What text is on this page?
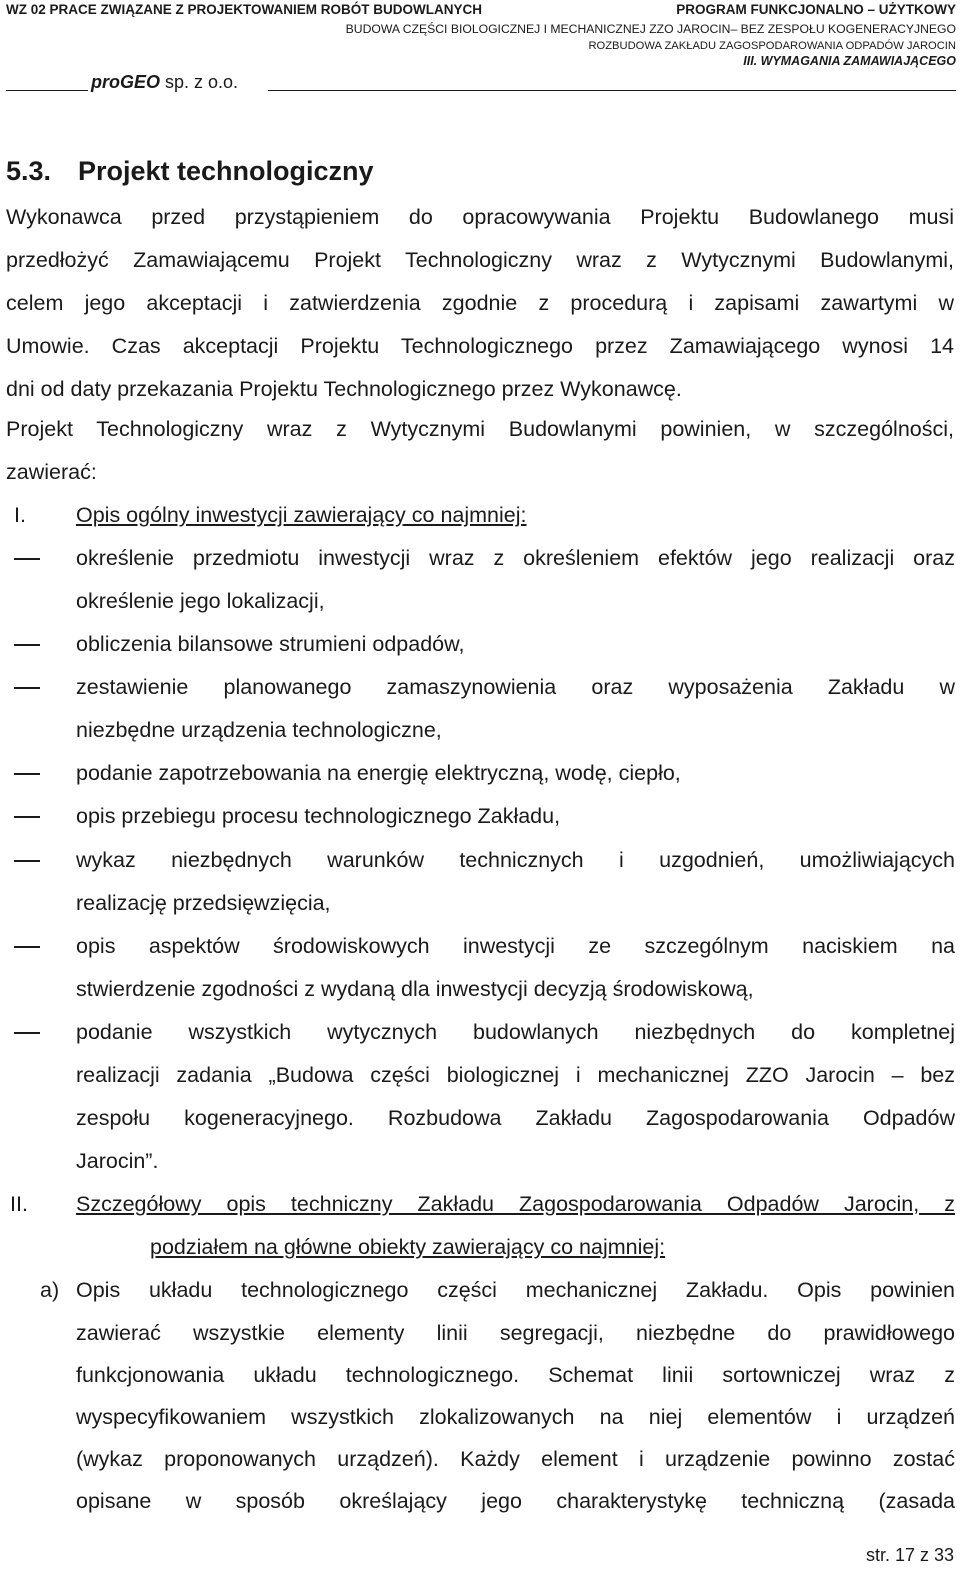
WZ 02 PRACE ZWIĄZANE Z PROJEKTOWANIEM ROBÓT BUDOWLANYCH	PROGRAM FUNKCJONALNO – UŻYTKOWY
BUDOWA CZĘŚCI BIOLOGICZNEJ I MECHANICZNEJ ZZO JAROCIN– BEZ ZESPOŁU KOGENERACYJNEGO
ROZBUDOWA ZAKŁADU ZAGOSPODAROWANIA ODPADÓW JAROCIN
III. WYMAGANIA ZAMAWIAJĄCEGO
proGEO sp. z o.o.
5.3. Projekt technologiczny
Wykonawca przed przystąpieniem do opracowywania Projektu Budowlanego musi
przedłożyć Zamawiającemu Projekt Technologiczny wraz z Wytycznymi Budowlanymi,
celem jego akceptacji i zatwierdzenia zgodnie z procedurą i zapisami zawartymi w
Umowie. Czas akceptacji Projektu Technologicznego przez Zamawiającego wynosi 14
dni od daty przekazania Projektu Technologicznego przez Wykonawcę.
Projekt Technologiczny wraz z Wytycznymi Budowlanymi powinien, w szczególności,
zawierać:
I. Opis ogólny inwestycji zawierający co najmniej:
określenie przedmiotu inwestycji wraz z określeniem efektów jego realizacji oraz
określenie jego lokalizacji,
obliczenia bilansowe strumieni odpadów,
zestawienie planowanego zamaszynowienia oraz wyposażenia Zakładu w
niezbędne urządzenia technologiczne,
podanie zapotrzebowania na energię elektryczną, wodę, ciepło,
opis przebiegu procesu technologicznego Zakładu,
wykaz niezbędnych warunków technicznych i uzgodnień, umożliwiających
realizację przedsięwzięcia,
opis aspektów środowiskowych inwestycji ze szczególnym naciskiem na
stwierdzenie zgodności z wydaną dla inwestycji decyzją środowiskową,
podanie wszystkich wytycznych budowlanych niezbędnych do kompletnej
realizacji zadania „Budowa części biologicznej i mechanicznej ZZO Jarocin – bez
zespołu kogeneracyjnego. Rozbudowa Zakładu Zagospodarowania Odpadów
Jarocin”.
II. Szczegółowy opis techniczny Zakładu Zagospodarowania Odpadów Jarocin, z
podziałem na główne obiekty zawierający co najmniej:
a) Opis układu technologicznego części mechanicznej Zakładu. Opis powinien
zawierać wszystkie elementy linii segregacji, niezbędne do prawidłowego
funkcjonowania układu technologicznego. Schemat linii sortowniczej wraz z
wyspecyfikowaniem wszystkich zlokalizowanych na niej elementów i urządzeń
(wykaz proponowanych urządzeń). Każdy element i urządzenie powinno zostać
opisane w sposób określający jego charakterystykę techniczną (zasada
str. 17 z 33
